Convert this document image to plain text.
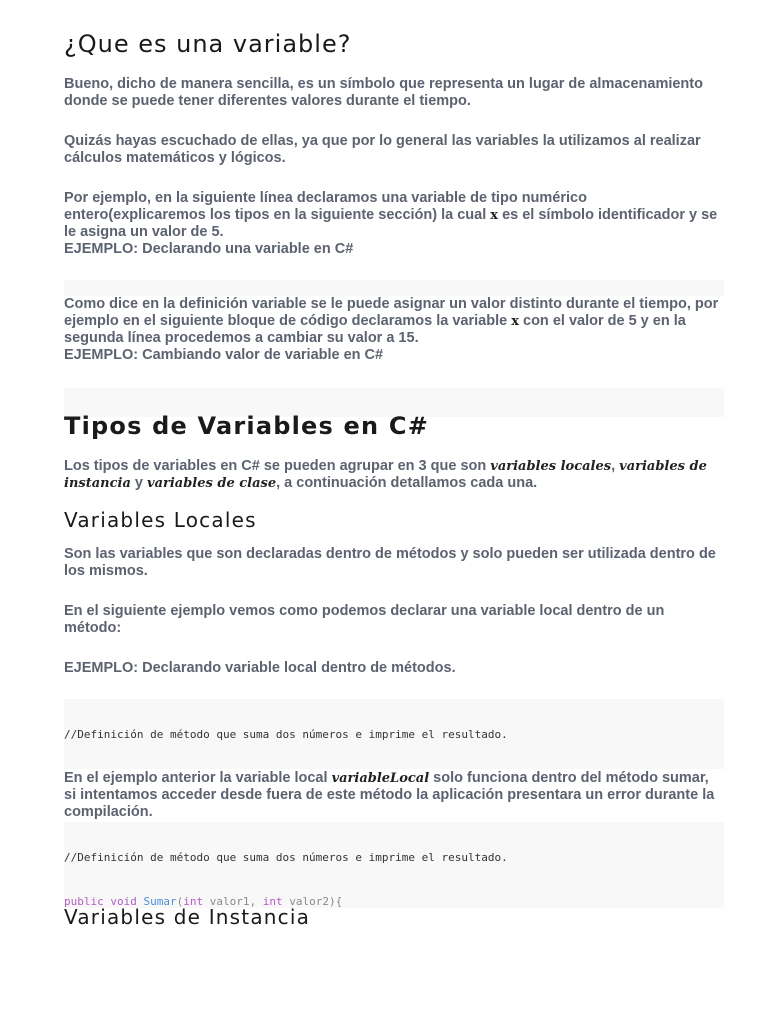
¿Que es una variable?

Bueno, dicho de manera sencilla, es un símbolo que representa un lugar de almacenamiento donde se puede tener diferentes valores durante el tiempo.

Quizás hayas escuchado de ellas, ya que por lo general las variables la utilizamos al realizar cálculos matemáticos y lógicos.

Por ejemplo, en la siguiente línea declaramos una variable de tipo numérico entero(explicaremos los tipos en la siguiente sección) la cual x es el símbolo identificador y se le asigna un valor de 5.
EJEMPLO: Declarando una variable en C#

Como dice en la definición variable se le puede asignar un valor distinto durante el tiempo, por ejemplo en el siguiente bloque de código declaramos la variable x con el valor de 5 y en la segunda línea procedemos a cambiar su valor a 15.
EJEMPLO: Cambiando valor de variable en C#

Tipos de Variables en C#

Los tipos de variables en C# se pueden agrupar en 3 que son variables locales, variables de instancia y variables de clase, a continuación detallamos cada una.

Variables Locales

Son las variables que son declaradas dentro de métodos y solo pueden ser utilizada dentro de los mismos.

En el siguiente ejemplo vemos como podemos declarar una variable local dentro de un método:

EJEMPLO: Declarando variable local dentro de métodos.

//Definición de método que suma dos números e imprime el resultado.

En el ejemplo anterior la variable local variableLocal solo funciona dentro del método sumar, si intentamos acceder desde fuera de este método la aplicación presentara un error durante la compilación.

//Definición de método que suma dos números e imprime el resultado.

public void Sumar(int valor1, int valor2){

Variables de Instancia
